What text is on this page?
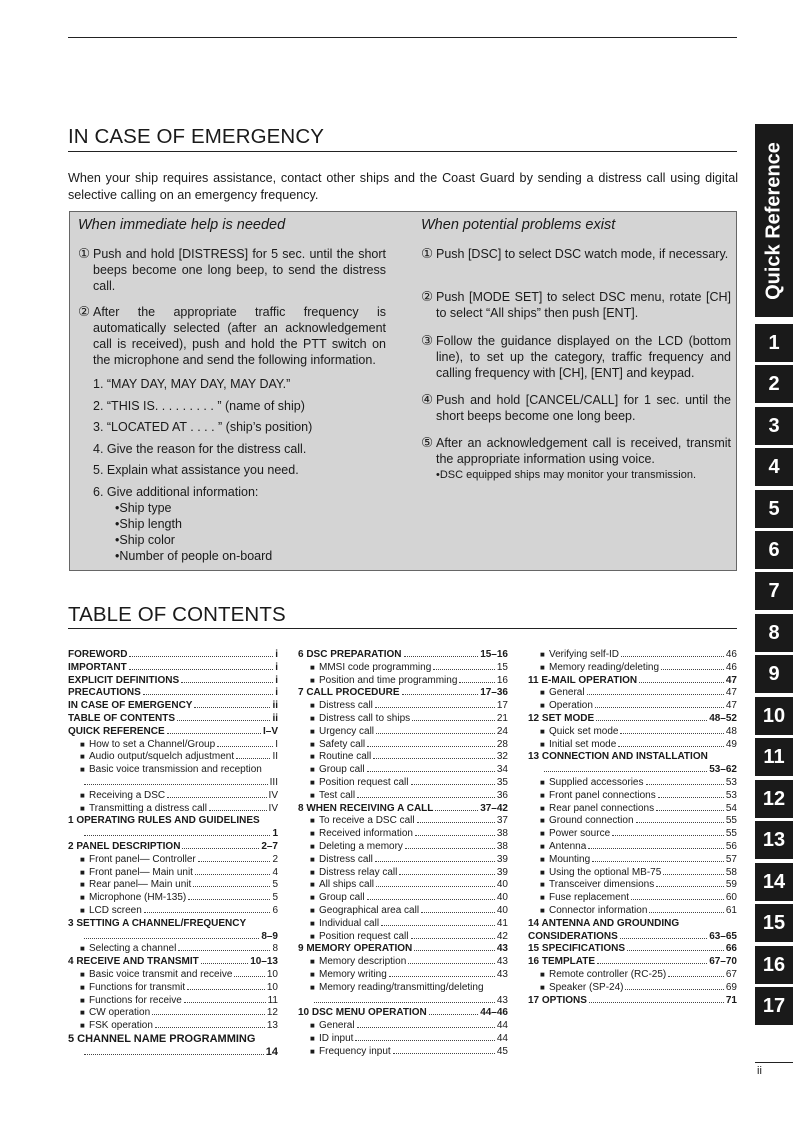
IN CASE OF EMERGENCY
When your ship requires assistance, contact other ships and the Coast Guard by sending a distress call using digital selective calling on an emergency frequency.
When immediate help is needed
① Push and hold [DISTRESS] for 5 sec. until the short beeps become one long beep, to send the distress call.
② After the appropriate traffic frequency is automatically selected (after an acknowledgement call is received), push and hold the PTT switch on the microphone and send the following information.
1. “MAY DAY, MAY DAY, MAY DAY.”
2. “THIS IS. . . . . . . . . ” (name of ship)
3. “LOCATED AT . . . . ” (ship’s position)
4. Give the reason for the distress call.
5. Explain what assistance you need.
6. Give additional information:
•Ship type
•Ship length
•Ship color
•Number of people on-board
When potential problems exist
① Push [DSC] to select DSC watch mode, if necessary.
② Push [MODE SET] to select DSC menu, rotate [CH] to select “All ships” then push [ENT].
③ Follow the guidance displayed on the LCD (bottom line), to set up the category, traffic frequency and calling frequency with [CH], [ENT] and keypad.
④ Push and hold [CANCEL/CALL] for 1 sec. until the short beeps become one long beep.
⑤ After an acknowledgement call is received, transmit the appropriate information using voice.
•DSC equipped ships may monitor your transmission.
TABLE OF CONTENTS
FOREWORD	i
IMPORTANT	i
EXPLICIT DEFINITIONS	i
PRECAUTIONS	i
IN CASE OF EMERGENCY	ii
TABLE OF CONTENTS	ii
QUICK REFERENCE	I–V
■ How to set a Channel/Group	I
■ Audio output/squelch adjustment	II
■ Basic voice transmission and reception
III
■ Receiving a DSC	IV
■ Transmitting a distress call	IV
1 OPERATING RULES AND GUIDELINES
1
2 PANEL DESCRIPTION	2–7
■ Front panel— Controller	2
■ Front panel— Main unit	4
■ Rear panel— Main unit	5
■ Microphone (HM-135)	5
■ LCD screen	6
3 SETTING A CHANNEL/FREQUENCY
8–9
■ Selecting a channel	8
4 RECEIVE AND TRANSMIT	10–13
■ Basic voice transmit and receive	10
■ Functions for transmit	10
■ Functions for receive	11
■ CW operation	12
■ FSK operation	13
5 CHANNEL NAME PROGRAMMING
14
6 DSC PREPARATION	15–16
■ MMSI code programming	15
■ Position and time programming	16
7 CALL PROCEDURE	17–36
■ Distress call	17
■ Distress call to ships	21
■ Urgency call	24
■ Safety call	28
■ Routine call	32
■ Group call	34
■ Position request call	35
■ Test call	36
8 WHEN RECEIVING A CALL	37–42
■ To receive a DSC call	37
■ Received information	38
■ Deleting a memory	38
■ Distress call	39
■ Distress relay call	39
■ All ships call	40
■ Group call	40
■ Geographical area call	40
■ Individual call	41
■ Position request call	42
9 MEMORY OPERATION	43
■ Memory description	43
■ Memory writing	43
■ Memory reading/transmitting/deleting
43
10 DSC MENU OPERATION	44–46
■ General	44
■ ID input	44
■ Frequency input	45
■ Verifying self-ID	46
■ Memory reading/deleting	46
11 E-MAIL OPERATION	47
■ General	47
■ Operation	47
12 SET MODE	48–52
■ Quick set mode	48
■ Initial set mode	49
13 CONNECTION AND INSTALLATION
53–62
■ Supplied accessories	53
■ Front panel connections	53
■ Rear panel connections	54
■ Ground connection	55
■ Power source	55
■ Antenna	56
■ Mounting	57
■ Using the optional MB-75	58
■ Transceiver dimensions	59
■ Fuse replacement	60
■ Connector information	61
14 ANTENNA AND GROUNDING
CONSIDERATIONS	63–65
15 SPECIFICATIONS	66
16 TEMPLATE	67–70
■ Remote controller (RC-25)	67
■ Speaker (SP-24)	69
17 OPTIONS	71
Quick Reference
1
2
3
4
5
6
7
8
9
10
11
12
13
14
15
16
17
ii
